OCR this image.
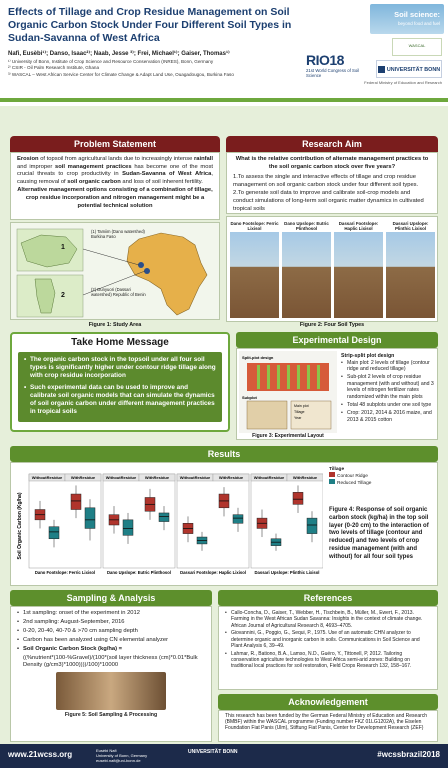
Effects of Tillage and Crop Residue Management on Soil Organic Carbon Stock Under Four Different Soil Types in Sudan-Savanna of West Africa
Nafi, Eusèbi¹⁾; Danso, Isaac²⁾; Naab, Jesse ³⁾; Frei, Michael¹⁾; Gaiser, Thomas¹⁾
¹⁾ University of Bonn, Institute of Crop Science and Resource Conservation (INRES), Bonn, Germany
²⁾ CSIR - Oil Palm Research Institute, Ghana
³⁾ WASCAL – West African Service Center for Climate Change & Adapt Land Use, Ouagadougou, Burkina Faso
Soil science:
beyond food and fuel
RIO18
21st World Congress of Soil Science
WASCAL
UNIVERSITÄT BONN
Federal Ministry of Education and Research
Problem Statement

Erosion of topsoil from agricultural lands due to increasingly intense rainfall and improper soil management practices has become one of the most crucial threats to crop productivity in Sudan-Savanna of West Africa, causing removal of soil organic carbon and loss of soil inherent fertility.

Alternative management options consisting of a combination of tillage, crop residue incorporation and nitrogen management might be a potential technical solution

1
2
(1) Tamiim (Dano watershed) Burkina Faso
(2) Dunyuori (Dassari watershed) Republic of Benin
Figure 1: Study Area
Research Aim

What is the relative contribution of alternate management practices to the soil organic carbon stock over five years?

1.To assess the single and interactive effects of tillage and crop residue management on soil organic carbon stock under four different soil types.

2.To generate soil data to improve and calibrate soil-crop models and conduct simulations of long-term soil organic matter dynamics in cultivated tropical soils

Dano Footslope: Ferric Lixisol
Dano Upslope: Eutric Plinthosol
Dassari Footslope: Haplic Lixisol
Dassari Upslope: Plinthic Lixisol
Figure 2: Four Soil Types
Take Home Message
• The organic carbon stock in the topsoil under all four soil types is significantly higher under contour ridge tillage along with crop residue incorporation
• Such experimental data can be used to improve and calibrate soil organic models that can simulate the dynamics of soil organic carbon under different management practices in tropical soils
Experimental Design
Split-plot design
Subplot
Main plot
Tillage
Year
Figure 3: Experimental Layout
Strip-split plot design
• Main plot: 2 levels of tillage (contour ridge and reduced tillage)
• Sub-plot 2 levels of crop residue management (with and without) and 3 levels of nitrogen fertilizer rates randomized within the main plots
• Total 48 subplots under one soil type
• Crop: 2012, 2014 & 2016 maize, and 2013 & 2015 cotton
Results
Soil Organic Carbon (Kg/ha)
WithoutResidue WithResidue
Dano Footslope: Ferric Lixisol
WithoutResidue WithResidue
Dano Upslope: Eutric Plinthosol
WithoutResidue WithResidue
Dassari Footslope: Haplic Lixisol
WithoutResidue WithResidue
Dassari Upslope: Plinthic Lixisol
Tillage
Contour Ridge
Reduced Tillage
Figure 4: Response of soil organic carbon stock (kg/ha) in the top soil layer (0-20 cm) to the interaction of two levels of tillage (contour and reduced) and two levels of crop residue management (with and without) for all four soil types
Sampling & Analysis
• 1st sampling: onset of the experiment in 2012
• 2nd sampling: August-September, 2016
• 0-20, 20-40, 40-70 & >70 cm sampling depth
• Carbon has been analyzed using CN elemental analyzer
• Soil Organic Carbon Stock (kg/ha) =

((%nutrient*(100-%Gravel)/(100*(soil layer thickness (cm)*0.01*Bulk Density (g/cm3)*1000))))/100)*10000

Figure 5: Soil Sampling & Processing
References
• Callo-Concha, D., Gaiser, T., Webber, H., Tischbein, B., Müller, M., Ewert, F., 2013. Farming in the West African Sudan Savanna: Insights in the context of climate change. African Journal of Agricultural Research 8, 4693–4705.
• Giovannini, G., Poggio, G., Sequi, P., 1975. Use of an automatic CHN analyzer to determine organic and inorganic carbon in soils. Communications in Soil Science and Plant Analysis 6, 39–49.
• Lahmar, R., Bationo, B.A., Lamso, N.D., Guéro, Y., Tittonell, P, 2012. Tailoring conservation agriculture technologies to West Africa semi-arid zones: Building on traditional local practices for soil restoration, Field Crops Research 132, 158–167.
Acknowledgement
This research has been funded by the German Federal Ministry of Education and Research (BMBF) within the WASCAL programme (Funding number FKZ 01LG1202A), the Eiselen Foundation Fiat Panis (Ulm), Stiftung Fiat Panis, Center for Development Research (ZEF)
www.21wcss.org	Eusèbi Nafi
University of Bonn, Germany
eusebi.nafi@uni-bonn.de
UNIVERSITÄT BONN	#wcssbrazil2018
